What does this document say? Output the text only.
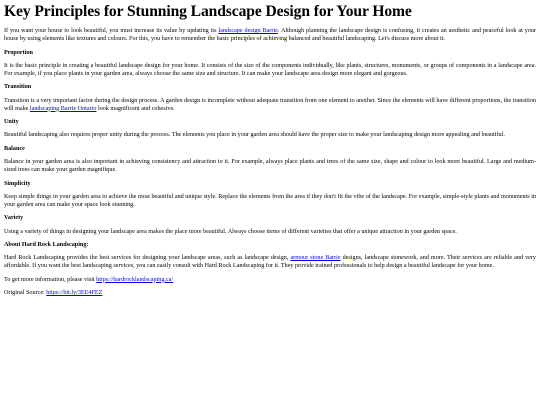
Key Principles for Stunning Landscape Design for Your Home

If you want your house to look beautiful, you must increase its value by updating its landscape design Barrie. Although planning the landscape design is confusing, it creates an aesthetic and peaceful look at your house by using elements like textures and colours. For this, you have to remember the basic principles of achieving balanced and beautiful landscaping. Let's discuss more about it.

Proportion

It is the basic principle in creating a beautiful landscape design for your home. It consists of the size of the components individually, like plants, structures, monuments, or groups of components in a landscape area. For example, if you place plants in your garden area, always choose the same size and structure. It can make your landscape area design more elegant and gorgeous.

Transition

Transition is a very important factor during the design process. A garden design is incomplete without adequate transition from one element to another. Since the elements will have different proportions, the transition will make landscaping Barrie Ontario look magnificent and cohesive.

Unity

Beautiful landscaping also requires proper unity during the process. The elements you place in your garden area should have the proper size to make your landscaping design more appealing and beautiful.

Balance

Balance in your garden area is also important in achieving consistency and attraction to it. For example, always place plants and trees of the same size, shape and colour to look more beautiful. Large and medium-sized trees can make your garden magnifique.

Simplicity

Keep simple things in your garden area to achieve the most beautiful and unique style. Replace the elements from the area if they don't fit the vibe of the landscape. For example, simple-style plants and monuments in your garden area can make your space look stunning.

Variety

Using a variety of things in designing your landscape area makes the place more beautiful. Always choose items of different varieties that offer a unique attraction in your garden space.

About Hard Rock Landscaping:

Hard Rock Landscaping provides the best services for designing your landscape areas, such as landscape design, armour stone Barrie designs, landscape stonework, and more. Their services are reliable and very affordable. If you want the best landscaping services, you can easily consult with Hard Rock Landscaping for it. They provide trained professionals to help design a beautiful landscape for your home.

To get more information, please visit https://hardrocklandscaping.ca/

Original Source: https://bit.ly/3EE4FEZ
